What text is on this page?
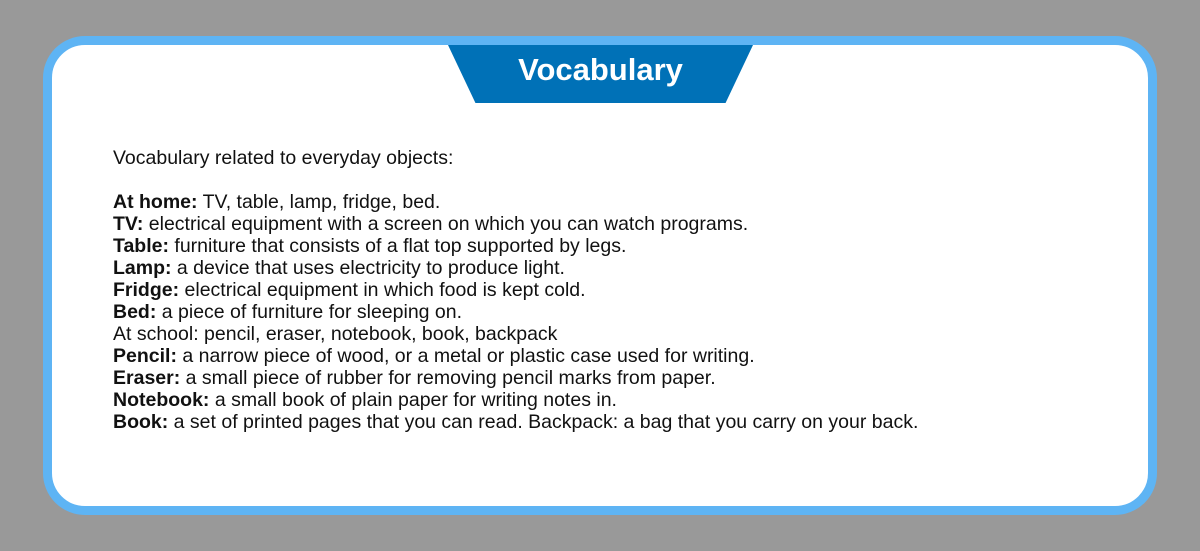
Vocabulary
Vocabulary related to everyday objects:
At home: TV, table, lamp, fridge, bed.
TV: electrical equipment with a screen on which you can watch programs.
Table: furniture that consists of a flat top supported by legs.
Lamp: a device that uses electricity to produce light.
Fridge: electrical equipment in which food is kept cold.
Bed: a piece of furniture for sleeping on.
At school: pencil, eraser, notebook, book, backpack
Pencil: a narrow piece of wood, or a metal or plastic case used for writing.
Eraser: a small piece of rubber for removing pencil marks from paper.
Notebook: a small book of plain paper for writing notes in.
Book: a set of printed pages that you can read. Backpack: a bag that you carry on your back.
